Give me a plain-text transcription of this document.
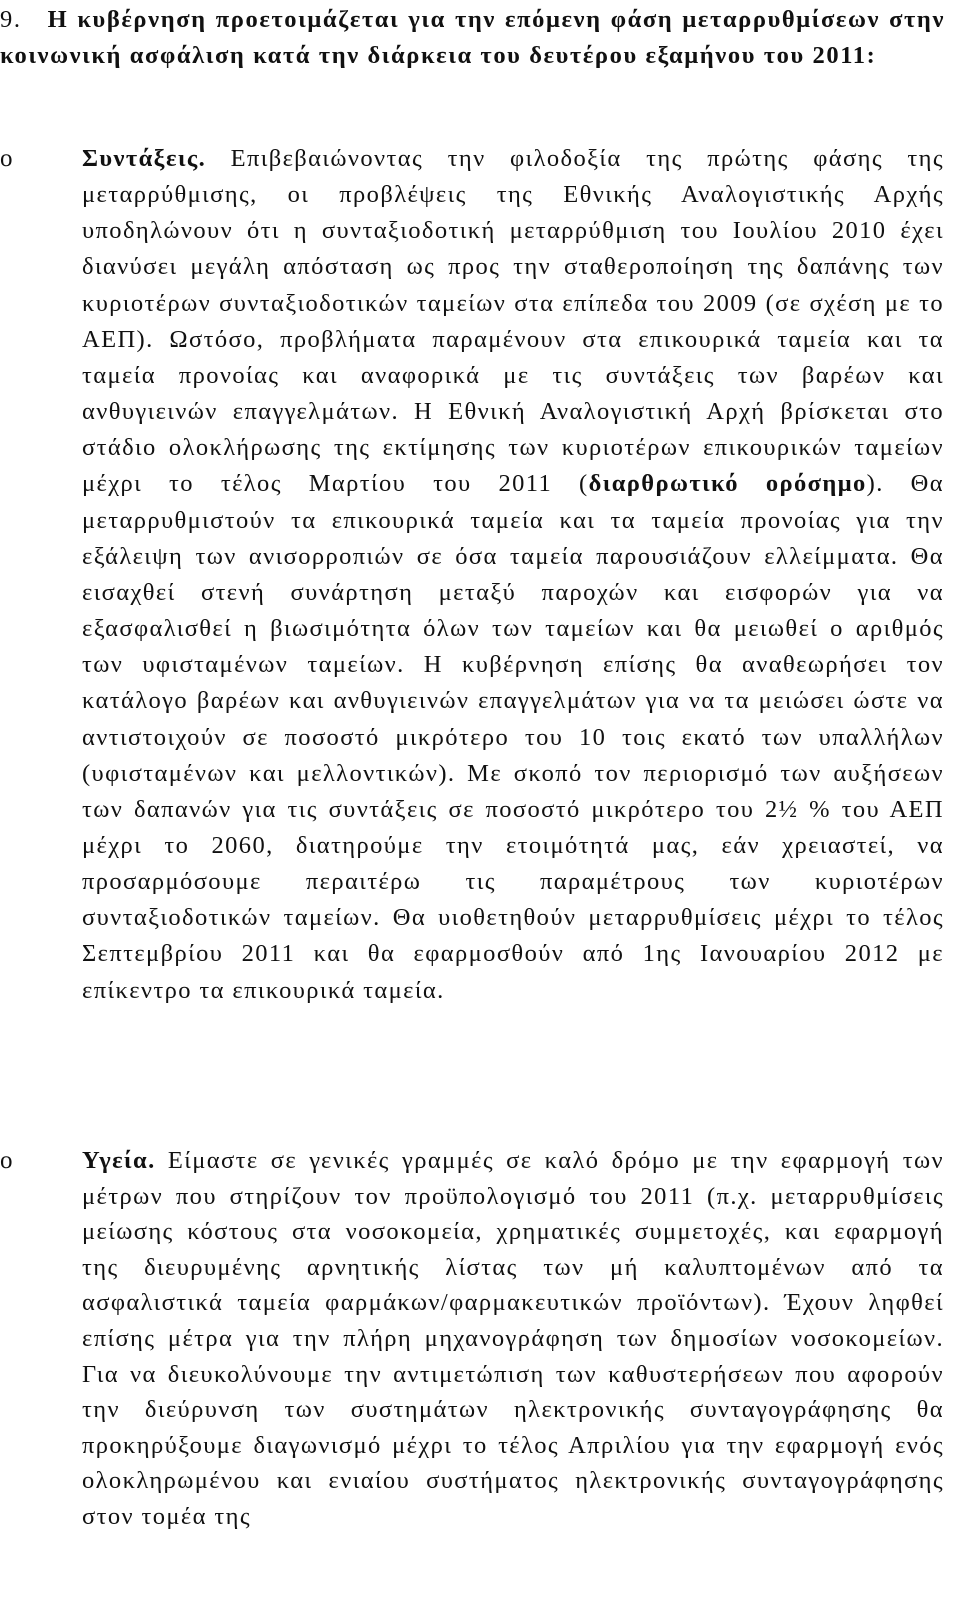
9. Η κυβέρνηση προετοιμάζεται για την επόμενη φάση μεταρρυθμίσεων στην κοινωνική ασφάλιση κατά την διάρκεια του δευτέρου εξαμήνου του 2011:
o	Συντάξεις. Επιβεβαιώνοντας την φιλοδοξία της πρώτης φάσης της μεταρρύθμισης, οι προβλέψεις της Εθνικής Αναλογιστικής Αρχής υποδηλώνουν ότι η συνταξιοδοτική μεταρρύθμιση του Ιουλίου 2010 έχει διανύσει μεγάλη απόσταση ως προς την σταθεροποίηση της δαπάνης των κυριοτέρων συνταξιοδοτικών ταμείων στα επίπεδα του 2009 (σε σχέση με το ΑΕΠ). Ωστόσο, προβλήματα παραμένουν στα επικουρικά ταμεία και τα ταμεία προνοίας και αναφορικά με τις συντάξεις των βαρέων και ανθυγιεινών επαγγελμάτων. Η Εθνική Αναλογιστική Αρχή βρίσκεται στο στάδιο ολοκλήρωσης της εκτίμησης των κυριοτέρων επικουρικών ταμείων μέχρι το τέλος Μαρτίου του 2011 (διαρθρωτικό ορόσημο). Θα μεταρρυθμιστούν τα επικουρικά ταμεία και τα ταμεία προνοίας για την εξάλειψη των ανισορροπιών σε όσα ταμεία παρουσιάζουν ελλείμματα. Θα εισαχθεί στενή συνάρτηση μεταξύ παροχών και εισφορών για να εξασφαλισθεί η βιωσιμότητα όλων των ταμείων και θα μειωθεί ο αριθμός των υφισταμένων ταμείων. Η κυβέρνηση επίσης θα αναθεωρήσει τον κατάλογο βαρέων και ανθυγιεινών επαγγελμάτων για να τα μειώσει ώστε να αντιστοιχούν σε ποσοστό μικρότερο του 10 τοις εκατό των υπαλλήλων (υφισταμένων και μελλοντικών). Με σκοπό τον περιορισμό των αυξήσεων των δαπανών για τις συντάξεις σε ποσοστό μικρότερο του 2½ % του ΑΕΠ μέχρι το 2060, διατηρούμε την ετοιμότητά μας, εάν χρειαστεί, να προσαρμόσουμε περαιτέρω τις παραμέτρους των κυριοτέρων συνταξιοδοτικών ταμείων. Θα υιοθετηθούν μεταρρυθμίσεις μέχρι το τέλος Σεπτεμβρίου 2011 και θα εφαρμοσθούν από 1ης Ιανουαρίου 2012 με επίκεντρο τα επικουρικά ταμεία.
o	Υγεία. Είμαστε σε γενικές γραμμές σε καλό δρόμο με την εφαρμογή των μέτρων που στηρίζουν τον προϋπολογισμό του 2011 (π.χ. μεταρρυθμίσεις μείωσης κόστους στα νοσοκομεία, χρηματικές συμμετοχές, και εφαρμογή της διευρυμένης αρνητικής λίστας των μή καλυπτομένων από τα ασφαλιστικά ταμεία φαρμάκων/φαρμακευτικών προϊόντων). Έχουν ληφθεί επίσης μέτρα για την πλήρη μηχανογράφηση των δημοσίων νοσοκομείων. Για να διευκολύνουμε την αντιμετώπιση των καθυστερήσεων που αφορούν την διεύρυνση των συστημάτων ηλεκτρονικής συνταγογράφησης θα προκηρύξουμε διαγωνισμό μέχρι το τέλος Απριλίου για την εφαρμογή ενός ολοκληρωμένου και ενιαίου συστήματος ηλεκτρονικής συνταγογράφησης στον τομέα της
